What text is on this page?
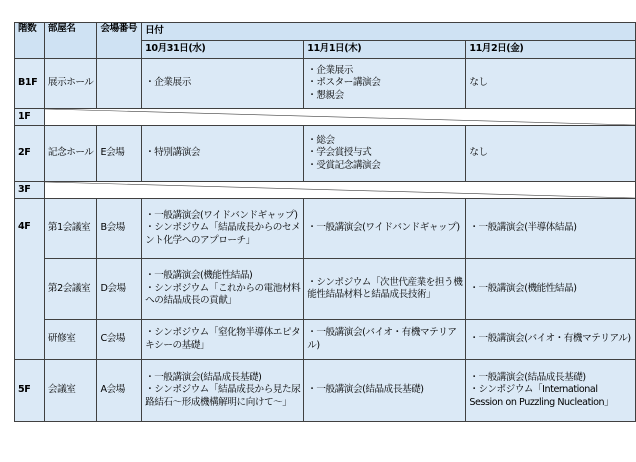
階数	部屋名	会場番号	日付		
			10月31日(水)	11月1日(木)	11月2日(金)
B1F	展示ホール		・企業展示	・企業展示
・ポスター講演会
・懇親会	なし

1F	

2F	記念ホール	E会場	・特別講演会	・総会
・学会賞授与式
・受賞記念講演会	なし

3F	

4F	第1会議室	B会場	・一般講演会(ワイドバンドギャップ)
・シンポジウム「結晶成長からのセメ
ント化学へのアプローチ」	・一般講演会(ワイドバンドギャップ)	・一般講演会(半導体結晶)

	第2会議室	D会場	・一般講演会(機能性結晶)
・シンポジウム「これからの電池材料
への結晶成長の貢献」	・シンポジウム「次世代産業を担う機
能性結晶材料と結晶成長技術」	・一般講演会(機能性結晶)

	研修室	C会場	・シンポジウム「窒化物半導体エピタ
キシーの基礎」	・一般講演会(バイオ・有機マテリア
ル)	・一般講演会(バイオ・有機マテリアル)

5F	会議室	A会場	・一般講演会(結晶成長基礎)
・シンポジウム「結晶成長から見た尿
路結石～形成機構解明に向けて～」	・一般講演会(結晶成長基礎)	・一般講演会(結晶成長基礎)
・シンポジウム「International
Session on Puzzling Nucleation」
